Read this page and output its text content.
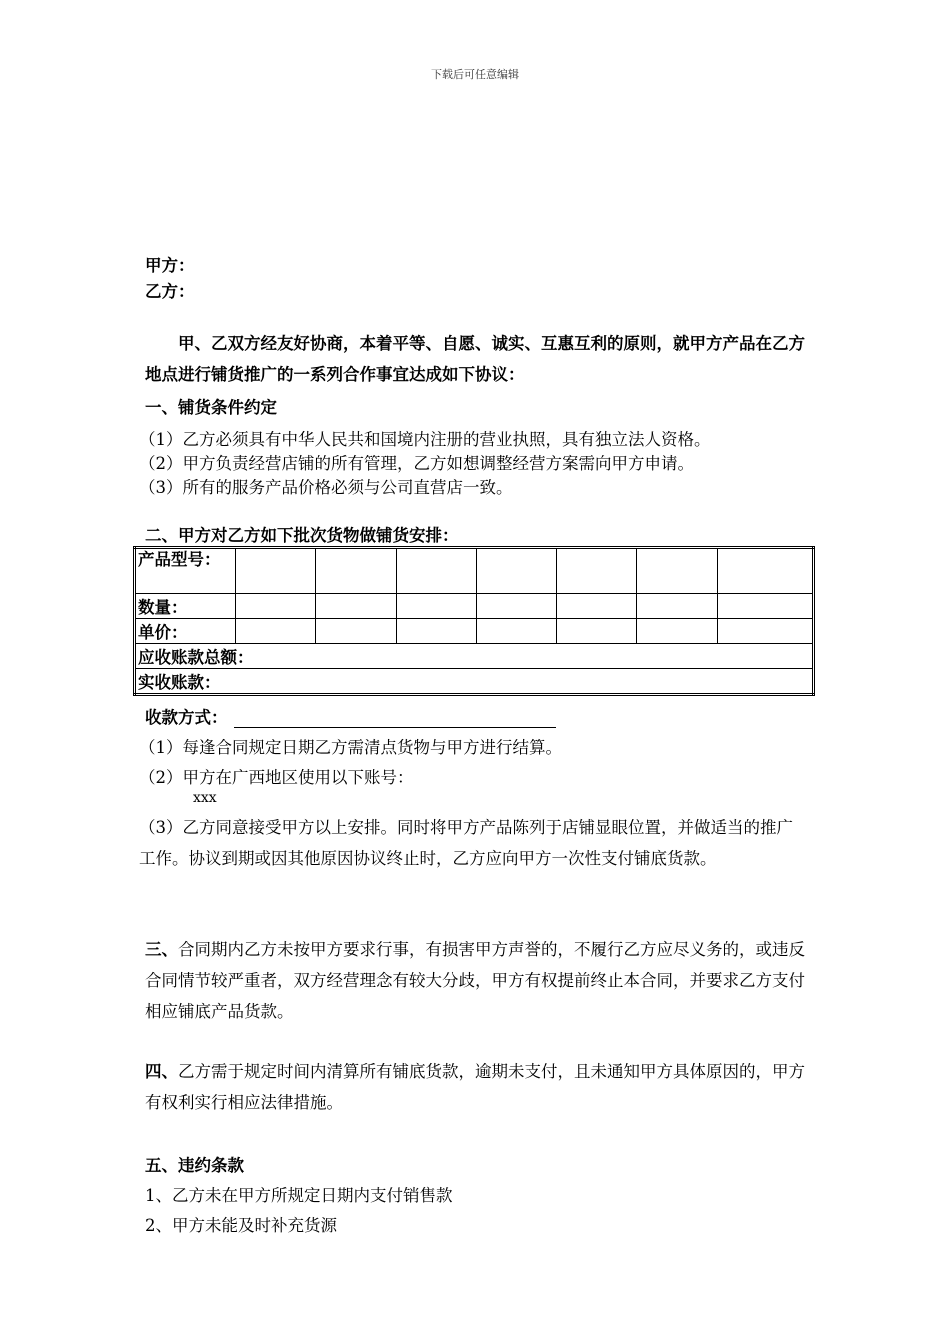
下载后可任意编辑
甲方：
乙方：
甲、乙双方经友好协商，本着平等、自愿、诚实、互惠互利的原则，就甲方产品在乙方地点进行铺货推广的一系列合作事宜达成如下协议：
一、铺货条件约定
（1）乙方必须具有中华人民共和国境内注册的营业执照，具有独立法人资格。
（2）甲方负责经营店铺的所有管理，乙方如想调整经营方案需向甲方申请。
（3）所有的服务产品价格必须与公司直营店一致。
二、甲方对乙方如下批次货物做铺货安排：
产品型号：							
数量：							
单价：							
应收账款总额：							
实收账款：							
收款方式：
（1）每逢合同规定日期乙方需清点货物与甲方进行结算。
（2）甲方在广西地区使用以下账号：
xxx
（3）乙方同意接受甲方以上安排。同时将甲方产品陈列于店铺显眼位置，并做适当的推广工作。协议到期或因其他原因协议终止时，乙方应向甲方一次性支付铺底货款。
三、合同期内乙方未按甲方要求行事，有损害甲方声誉的，不履行乙方应尽义务的，或违反合同情节较严重者，双方经营理念有较大分歧，甲方有权提前终止本合同，并要求乙方支付相应铺底产品货款。
四、乙方需于规定时间内清算所有铺底货款，逾期未支付，且未通知甲方具体原因的，甲方有权利实行相应法律措施。
五、违约条款
1、乙方未在甲方所规定日期内支付销售款
2、甲方未能及时补充货源
